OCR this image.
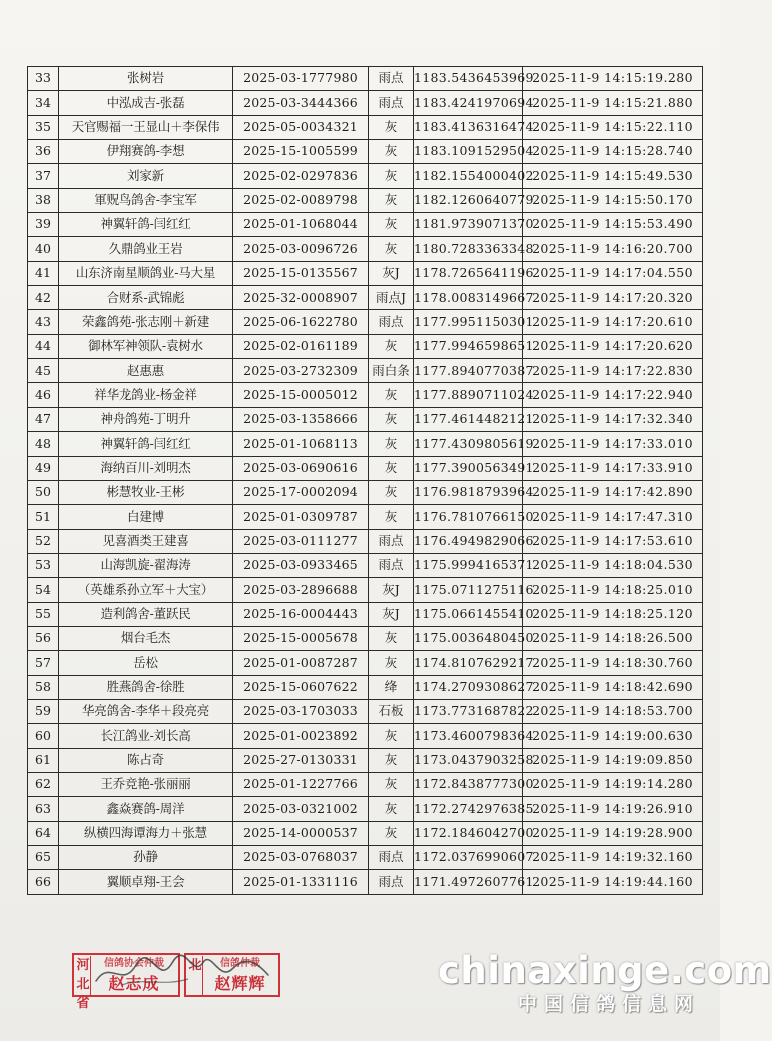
33	张树岩	2025-03-1777980	雨点	1183.5436453969	2025-11-9 14:15:19.280
34	中泓成吉-张磊	2025-03-3444366	雨点	1183.4241970694	2025-11-9 14:15:21.880
35	天官赐福一王显山＋李保伟	2025-05-0034321	灰	1183.4136316474	2025-11-9 14:15:22.110
36	伊翔赛鸽-李想	2025-15-1005599	灰	1183.1091529504	2025-11-9 14:15:28.740
37	刘家新	2025-02-0297836	灰	1182.1554000402	2025-11-9 14:15:49.530
38	軍贶鸟鸽舍-李宝军	2025-02-0089798	灰	1182.1260640779	2025-11-9 14:15:50.170
39	神翼轩鸽-闫红红	2025-01-1068044	灰	1181.9739071370	2025-11-9 14:15:53.490
40	久鼎鸽业王岩	2025-03-0096726	灰	1180.7283363348	2025-11-9 14:16:20.700
41	山东济南星顺鸽业-马大星	2025-15-0135567	灰J	1178.7265641196	2025-11-9 14:17:04.550
42	合财系-武锦彪	2025-32-0008907	雨点J	1178.0083149667	2025-11-9 14:17:20.320
43	荣鑫鸽苑-张志刚＋新建	2025-06-1622780	雨点	1177.9951150301	2025-11-9 14:17:20.610
44	御林军神领队-袁树水	2025-02-0161189	灰	1177.9946598651	2025-11-9 14:17:20.620
45	赵惠惠	2025-03-2732309	雨白条	1177.8940770387	2025-11-9 14:17:22.830
46	祥华龙鸽业-杨金祥	2025-15-0005012	灰	1177.8890711024	2025-11-9 14:17:22.940
47	神舟鸽苑-丁明升	2025-03-1358666	灰	1177.4614482121	2025-11-9 14:17:32.340
48	神翼轩鸽-闫红红	2025-01-1068113	灰	1177.4309805619	2025-11-9 14:17:33.010
49	海纳百川-刘明杰	2025-03-0690616	灰	1177.3900563491	2025-11-9 14:17:33.910
50	彬慧牧业-王彬	2025-17-0002094	灰	1176.9818793964	2025-11-9 14:17:42.890
51	白建博	2025-01-0309787	灰	1176.7810766150	2025-11-9 14:17:47.310
52	见喜酒类王建喜	2025-03-0111277	雨点	1176.4949829066	2025-11-9 14:17:53.610
53	山海凯旋-翟海涛	2025-03-0933465	雨点	1175.9994165371	2025-11-9 14:18:04.530
54	（英雄系孙立军＋大宝）	2025-03-2896688	灰J	1175.0711275116	2025-11-9 14:18:25.010
55	造利鸽舍-董跃民	2025-16-0004443	灰J	1175.0661455410	2025-11-9 14:18:25.120
56	烟台毛杰	2025-15-0005678	灰	1175.0036480450	2025-11-9 14:18:26.500
57	岳松	2025-01-0087287	灰	1174.8107629217	2025-11-9 14:18:30.760
58	胜燕鸽舍-徐胜	2025-15-0607622	绛	1174.2709308627	2025-11-9 14:18:42.690
59	华亮鸽舍-李华＋段亮亮	2025-03-1703033	石板	1173.7731687822	2025-11-9 14:18:53.700
60	长江鸽业-刘长高	2025-01-0023892	灰	1173.4600798364	2025-11-9 14:19:00.630
61	陈占奇	2025-27-0130331	灰	1173.0437903258	2025-11-9 14:19:09.850
62	王乔竞艳-张丽丽	2025-01-1227766	灰	1172.8438777300	2025-11-9 14:19:14.280
63	鑫焱赛鸽-周洋	2025-03-0321002	灰	1172.2742976385	2025-11-9 14:19:26.910
64	纵横四海谭海力＋张慧	2025-14-0000537	灰	1172.1846042700	2025-11-9 14:19:28.900
65	孙静	2025-03-0768037	雨点	1172.0376990607	2025-11-9 14:19:32.160
66	翼顺卓翔-王会	2025-01-1331116	雨点	1171.4972607761	2025-11-9 14:19:44.160
河北省
信鸽协会仲裁
赵志成
北	信鸽仲裁
赵辉辉	chinaxinge.com
中国信鸽信息网
